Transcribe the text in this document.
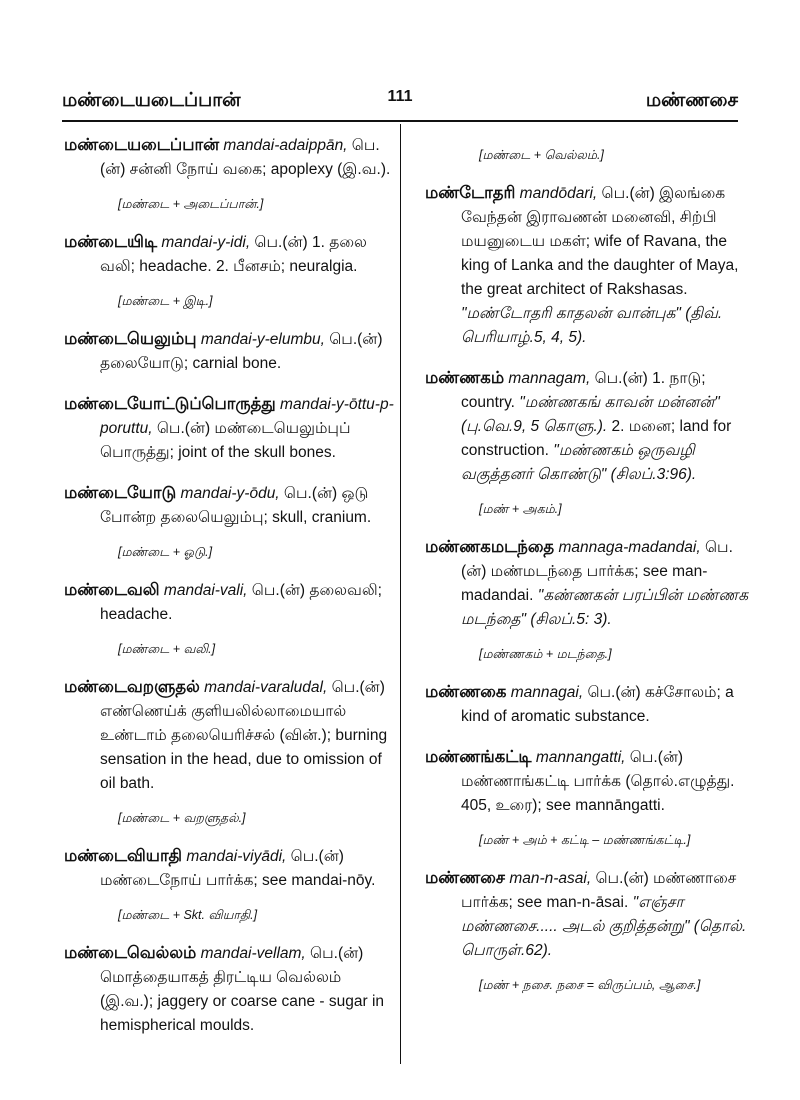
மண்டையடைப்பான்	111	மண்ணசை

மண்டையடைப்பான் mandai-adaippān, பெ.(ன்) சன்னி நோய் வகை; apoplexy (இ.வ.).

[மண்டை + அடைப்பான்.]

மண்டையிடி mandai-y-idi, பெ.(ன்) 1. தலை வலி; headache. 2. பீனசம்; neuralgia.

[மண்டை + இடி.]

மண்டையெலும்பு mandai-y-elumbu, பெ.(ன்) தலையோடு; carnial bone.

மண்டையோட்டுப்பொருத்து mandai-y-ōttu-p-poruttu, பெ.(ன்) மண்டையெலும்புப் பொருத்து; joint of the skull bones.

மண்டையோடு mandai-y-ōdu, பெ.(ன்) ஒடு போன்ற தலையெலும்பு; skull, cranium.

[மண்டை + ஓடு.]

மண்டைவலி mandai-vali, பெ.(ன்) தலைவலி; headache.

[மண்டை + வலி.]

மண்டைவறளுதல் mandai-varaludal, பெ.(ன்) எண்ணெய்க் குளியலில்லாமையால் உண்டாம் தலையெரிச்சல் (வின்.); burning sensation in the head, due to omission of oil bath.

[மண்டை + வறளுதல்.]

மண்டைவியாதி mandai-viyādi, பெ.(ன்) மண்டைநோய் பார்க்க; see mandai-nōy.

[மண்டை + Skt. வியாதி.]

மண்டைவெல்லம் mandai-vellam, பெ.(ன்) மொத்தையாகத் திரட்டிய வெல்லம் (இ.வ.); jaggery or coarse cane - sugar in hemispherical moulds.

[மண்டை + வெல்லம்.]

மண்டோதரி mandōdari, பெ.(ன்) இலங்கை வேந்தன் இராவணன் மனைவி, சிற்பி மயனுடைய மகள்; wife of Ravana, the king of Lanka and the daughter of Maya, the great architect of Rakshasas. "மண்டோதரி காதலன் வான்புக" (திவ். பெரியாழ்.5, 4, 5).

மண்ணகம் mannagam, பெ.(ன்) 1. நாடு; country. "மண்ணகங் காவன் மன்னன்" (பு.வெ.9, 5 கொளு.). 2. மனை; land for construction. "மண்ணகம் ஒருவழி வகுத்தனர் கொண்டு" (சிலப்.3:96).

[மண் + அகம்.]

மண்ணகமடந்தை mannaga-madandai, பெ.(ன்) மண்மடந்தை பார்க்க; see man-madandai. "கண்ணகன் பரப்பின் மண்ணக மடந்தை" (சிலப்.5: 3).

[மண்ணகம் + மடந்தை.]

மண்ணகை mannagai, பெ.(ன்) கச்சோலம்; a kind of aromatic substance.

மண்ணங்கட்டி mannangatti, பெ.(ன்) மண்ணாங்கட்டி பார்க்க (தொல்.எழுத்து. 405, உரை); see mannāngatti.

[மண் + அம் + கட்டி – மண்ணங்கட்டி.]

மண்ணசை man-n-asai, பெ.(ன்) மண்ணாசை பார்க்க; see man-n-āsai. "எஞ்சா மண்ணசை..... அடல் குறித்தன்று" (தொல். பொருள்.62).

[மண் + நசை. நசை = விருப்பம், ஆசை.]
